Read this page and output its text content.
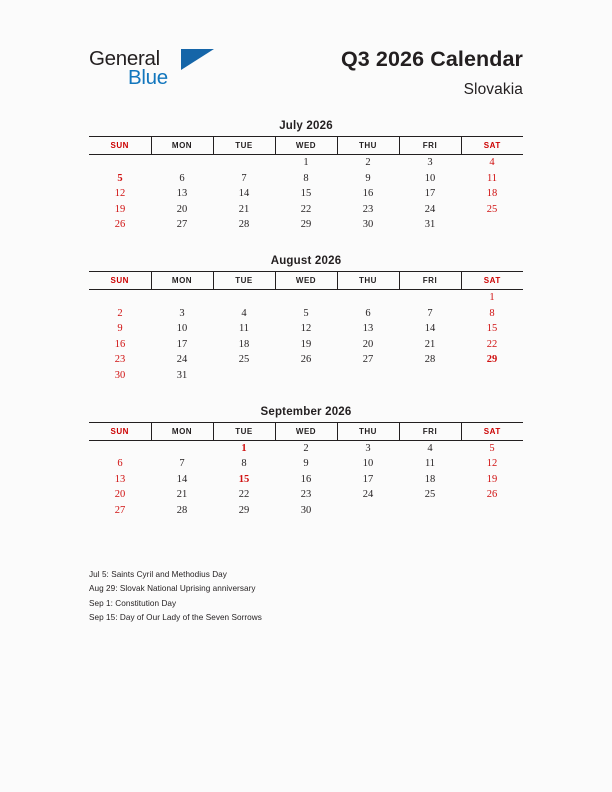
General
Blue
Q3 2026 Calendar
Slovakia
July 2026
SUN	MON	TUE	WED	THU	FRI	SAT
			1	2	3	4
5	6	7	8	9	10	11
12	13	14	15	16	17	18
19	20	21	22	23	24	25
26	27	28	29	30	31	
August 2026
SUN	MON	TUE	WED	THU	FRI	SAT
						1
2	3	4	5	6	7	8
9	10	11	12	13	14	15
16	17	18	19	20	21	22
23	24	25	26	27	28	29
30	31					
September 2026
SUN	MON	TUE	WED	THU	FRI	SAT
		1	2	3	4	5
6	7	8	9	10	11	12
13	14	15	16	17	18	19
20	21	22	23	24	25	26
27	28	29	30			
Jul 5: Saints Cyril and Methodius Day
Aug 29: Slovak National Uprising anniversary
Sep 1: Constitution Day
Sep 15: Day of Our Lady of the Seven Sorrows
